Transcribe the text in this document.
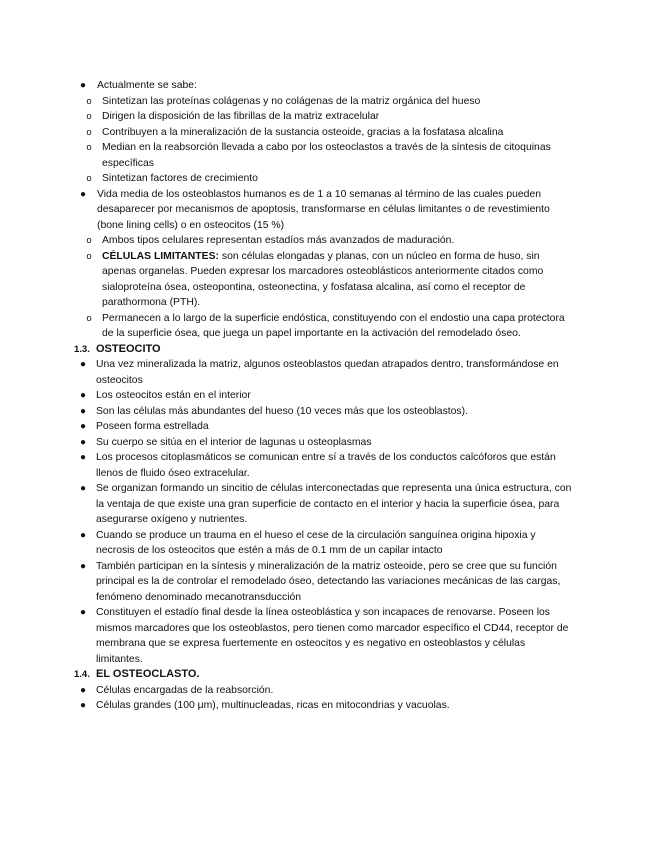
●	Actualmente se sabe:
o Sintetizan las proteínas colágenas y no colágenas de la matriz orgánica del hueso
o Dirigen la disposición de las fibrillas de la matriz extracelular
o Contribuyen a la mineralización de la sustancia osteoide, gracias a la fosfatasa alcalina
o Median en la reabsorción llevada a cabo por los osteoclastos a través de la síntesis de citoquinas específicas
o Sintetizan factores de crecimiento
●	Vida media de los osteoblastos humanos es de 1 a 10 semanas al término de las cuales pueden desaparecer por mecanismos de apoptosis, transformarse en células limitantes o de revestimiento (bone lining cells) o en osteocitos (15 %)
o Ambos tipos celulares representan estadíos más avanzados de maduración.
o CÉLULAS LIMITANTES: son células elongadas y planas, con un núcleo en forma de huso, sin apenas organelas. Pueden expresar los marcadores osteoblásticos anteriormente citados como sialoproteína ósea, osteopontina, osteonectina, y fosfatasa alcalina, así como el receptor de parathormona (PTH).
o Permanecen a lo largo de la superficie endóstica, constituyendo con el endostio una capa protectora de la superficie ósea, que juega un papel importante en la activación del remodelado óseo.
1.3. OSTEOCITO
● Una vez mineralizada la matriz, algunos osteoblastos quedan atrapados dentro, transformándose en osteocitos
● Los osteocitos están en el interior
● Son las células más abundantes del hueso (10 veces más que los osteoblastos).
● Poseen forma estrellada
● Su cuerpo se sitúa en el interior de lagunas u osteoplasmas
● Los procesos citoplasmáticos se comunican entre sí a través de los conductos calcóforos que están llenos de fluido óseo extracelular.
● Se organizan formando un sincitio de células interconectadas que representa una única estructura, con la ventaja de que existe una gran superficie de contacto en el interior y hacia la superficie ósea, para asegurarse oxígeno y nutrientes.
● Cuando se produce un trauma en el hueso el cese de la circulación sanguínea origina hipoxia y necrosis de los osteocitos que estén a más de 0.1 mm de un capilar intacto
● También participan en la síntesis y mineralización de la matriz osteoide, pero se cree que su función principal es la de controlar el remodelado óseo, detectando las variaciones mecánicas de las cargas, fenómeno denominado mecanotransducción
● Constituyen el estadío final desde la línea osteoblástica y son incapaces de renovarse. Poseen los mismos marcadores que los osteoblastos, pero tienen como marcador específico el CD44, receptor de membrana que se expresa fuertemente en osteocitos y es negativo en osteoblastos y células limitantes.
1.4. EL OSTEOCLASTO.
● Células encargadas de la reabsorción.
● Células grandes (100 μm), multinucleadas, ricas en mitocondrias y vacuolas.
